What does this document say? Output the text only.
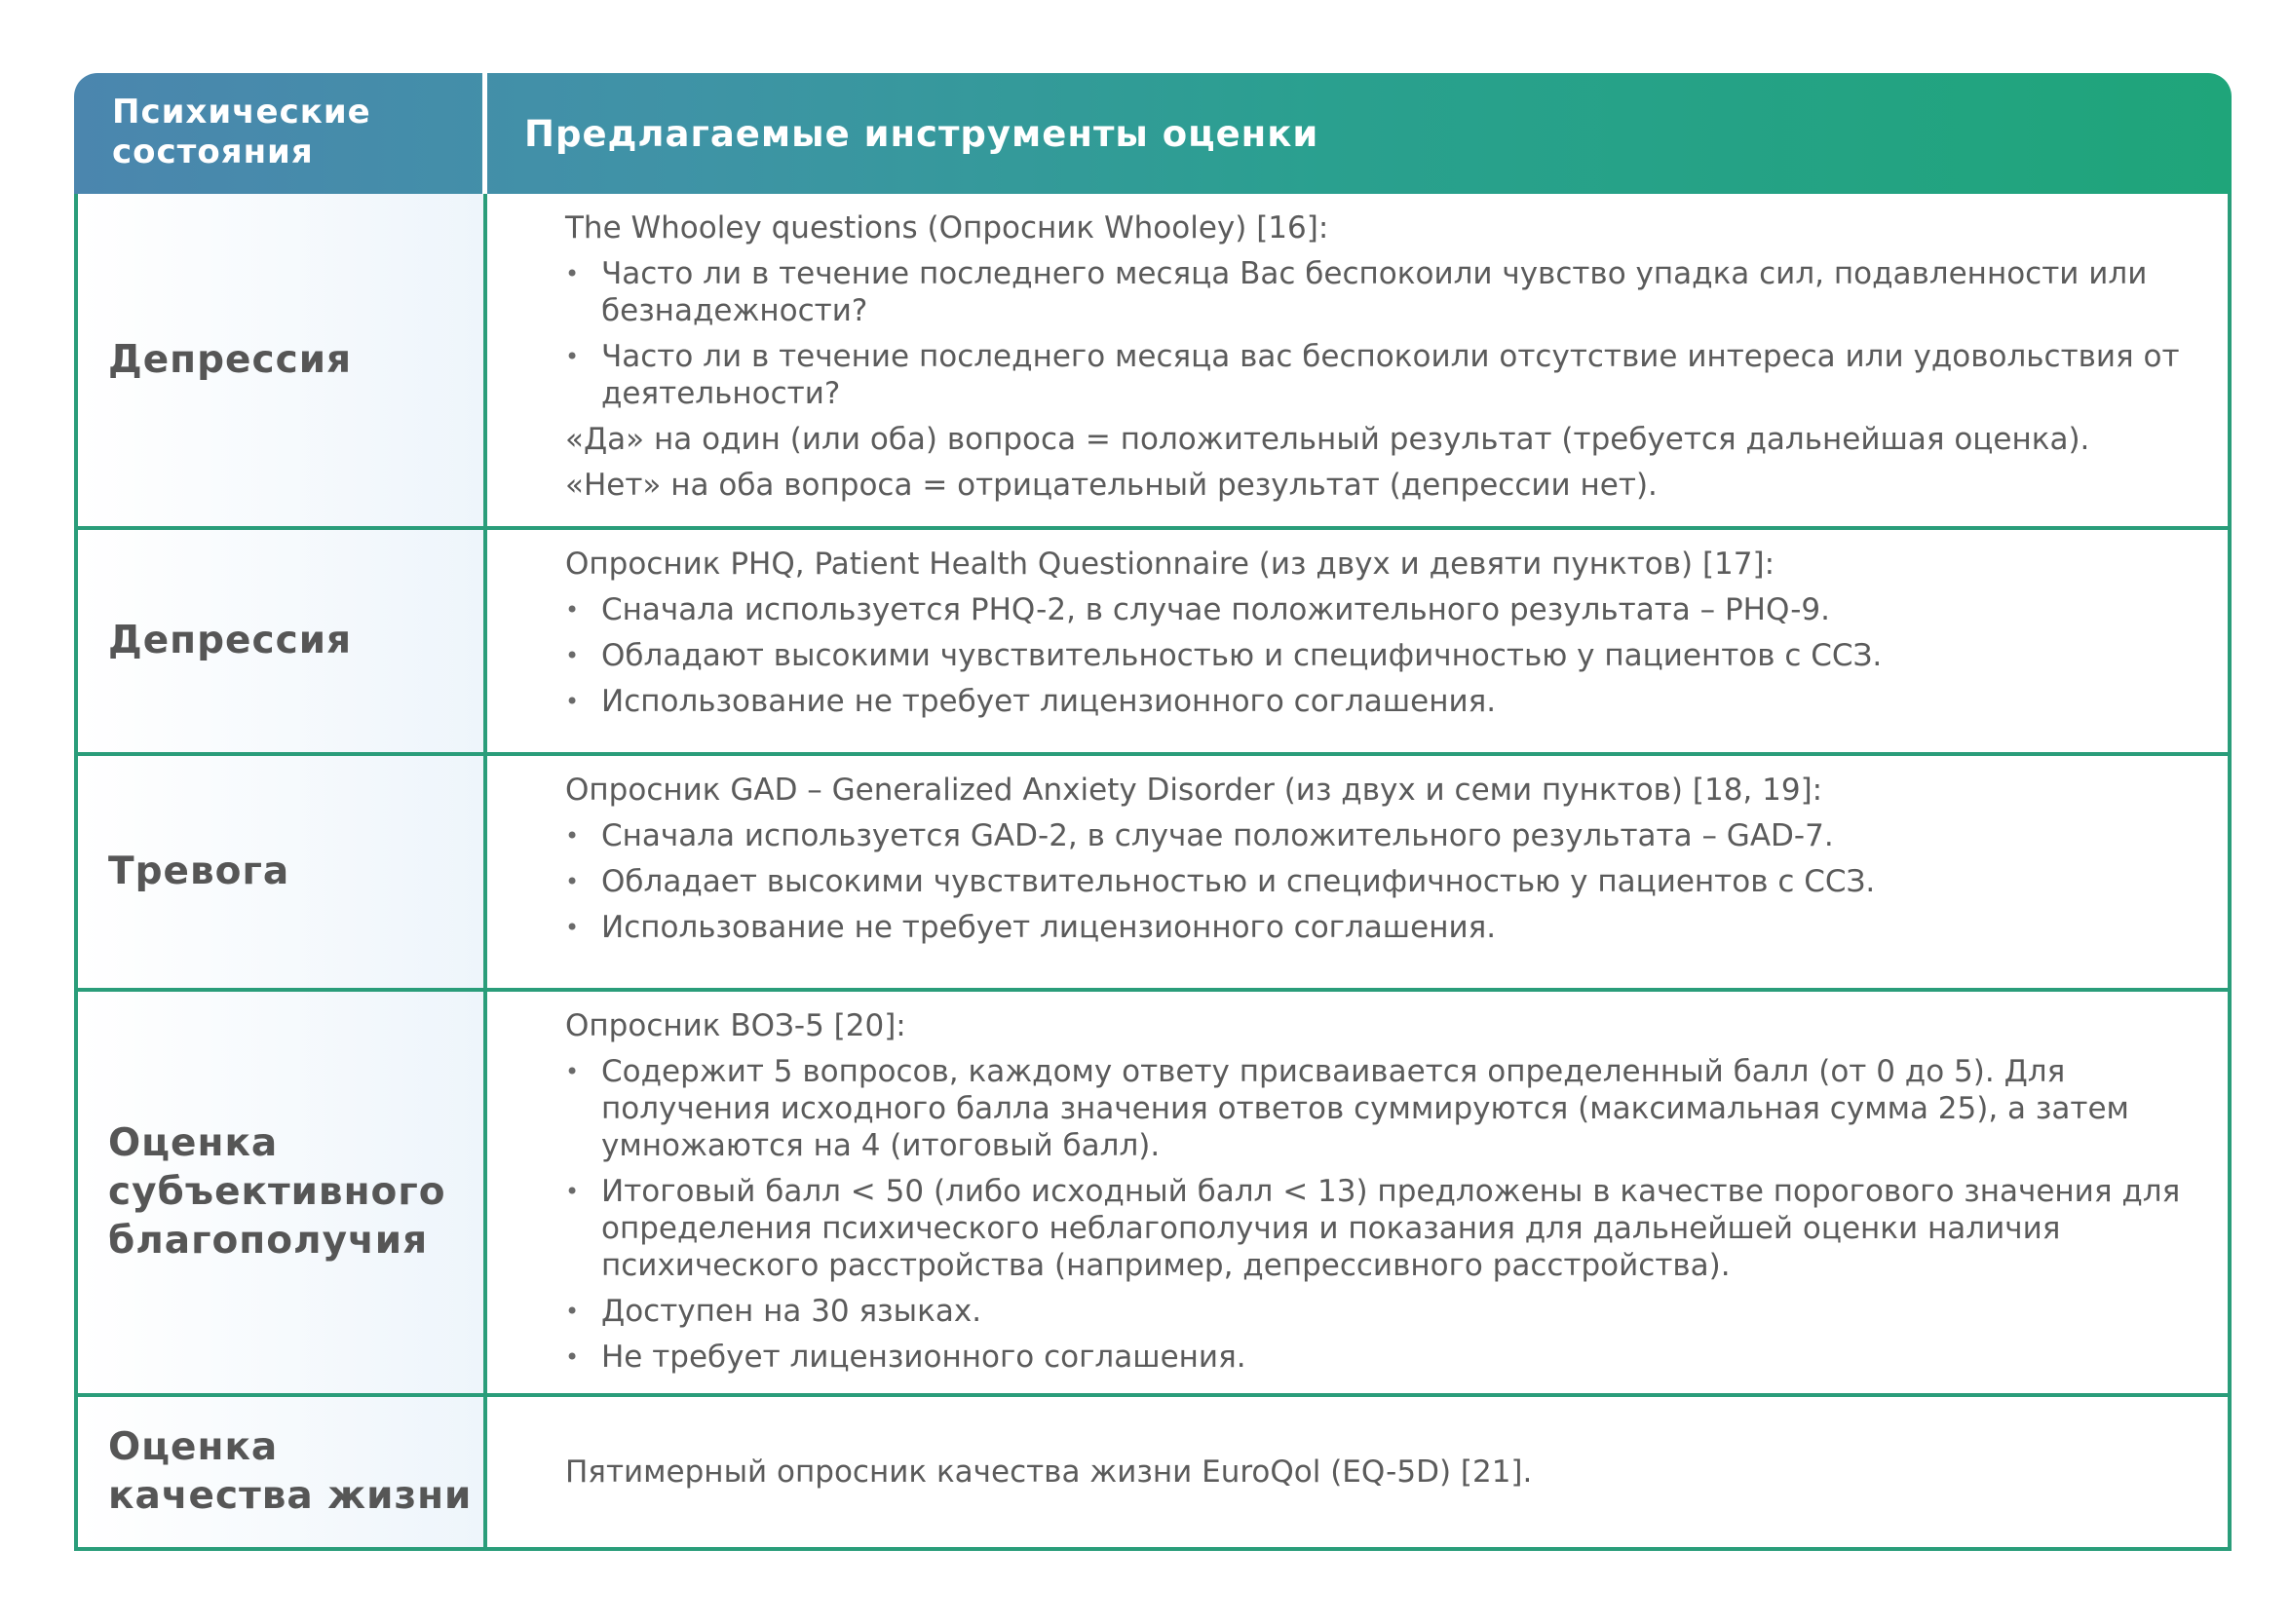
Психические
состояния	Предлагаемые инструменты оценки
Депрессия
The Whooley questions (Опросник Whooley) [16]:
• Часто ли в течение последнего месяца Вас беспокоили чувство упадка сил, подавленности или безнадежности?
• Часто ли в течение последнего месяца вас беспокоили отсутствие интереса или удовольствия от деятельности?
«Да» на один (или оба) вопроса = положительный результат (требуется дальнейшая оценка).
«Нет» на оба вопроса = отрицательный результат (депрессии нет).
Депрессия
Опросник PHQ, Patient Health Questionnaire (из двух и девяти пунктов) [17]:
• Сначала используется PHQ-2, в случае положительного результата – PHQ-9.
• Обладают высокими чувствительностью и специфичностью у пациентов с ССЗ.
• Использование не требует лицензионного соглашения.
Тревога
Опросник GAD – Generalized Anxiety Disorder (из двух и семи пунктов) [18, 19]:
• Сначала используется GAD-2, в случае положительного результата – GAD-7.
• Обладает высокими чувствительностью и специфичностью у пациентов с ССЗ.
• Использование не требует лицензионного соглашения.
Оценка
субъективного
благополучия
Опросник ВОЗ-5 [20]:
• Содержит 5 вопросов, каждому ответу присваивается определенный балл (от 0 до 5). Для получения исходного балла значения ответов суммируются (максимальная сумма 25), а затем умножаются на 4 (итоговый балл).
• Итоговый балл < 50 (либо исходный балл < 13) предложены в качестве порогового значения для определения психического неблагополучия и показания для дальнейшей оценки наличия психического расстройства (например, депрессивного расстройства).
• Доступен на 30 языках.
• Не требует лицензионного соглашения.
Оценка
качества жизни
Пятимерный опросник качества жизни EuroQol (EQ-5D) [21].
